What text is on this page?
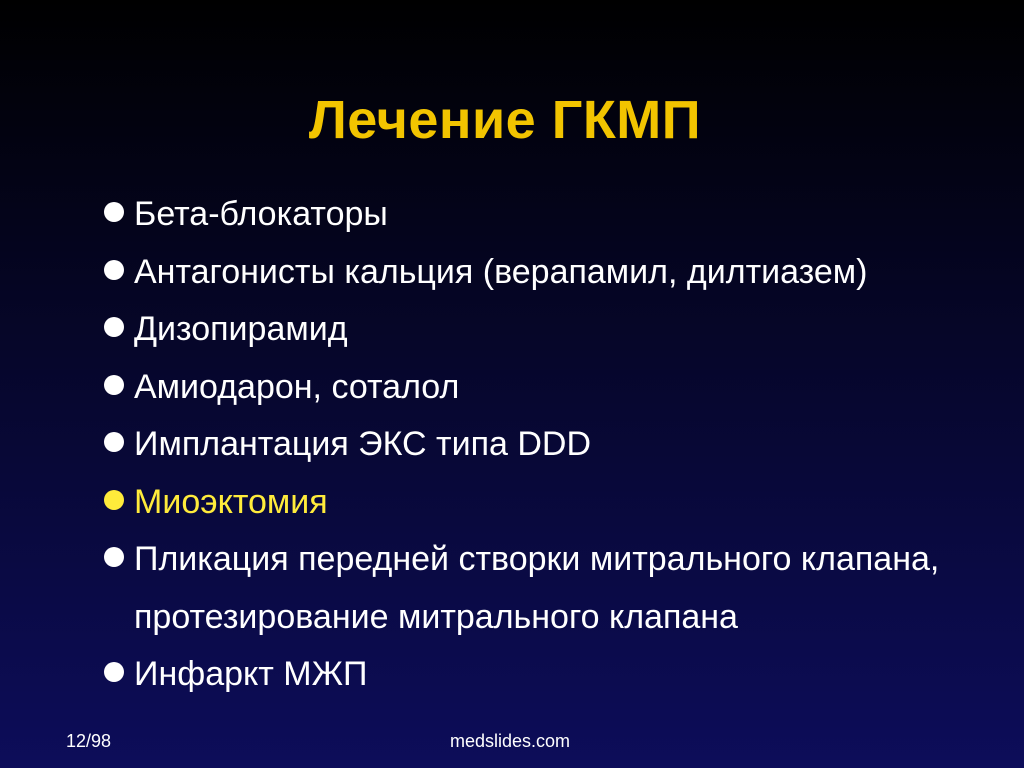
Лечение ГКМП
Бета-блокаторы
Антагонисты кальция (верапамил, дилтиазем)
Дизопирамид
Амиодарон, соталол
Имплантация ЭКС типа DDD
Миоэктомия
Пликация передней створки митрального клапана, протезирование митрального клапана
Инфаркт МЖП
12/98	medslides.com
